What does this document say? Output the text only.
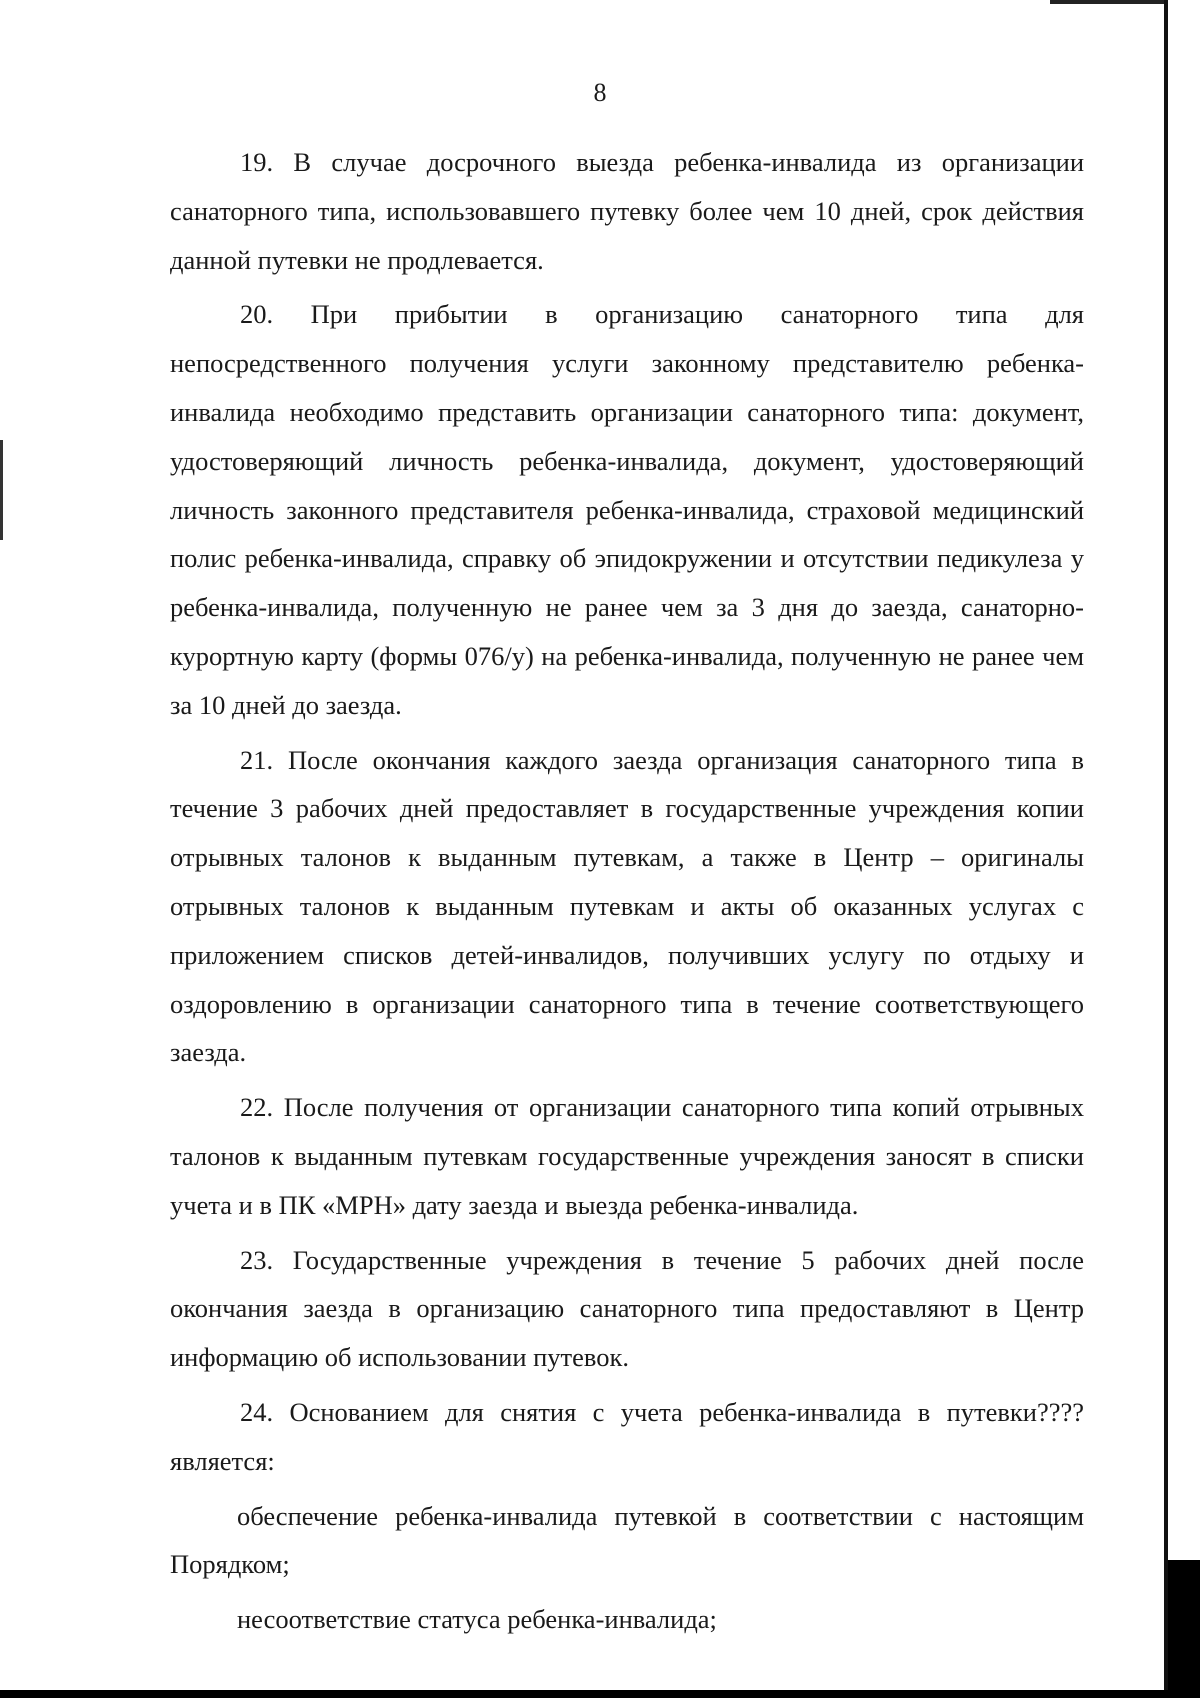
8

19. В случае досрочного выезда ребенка-инвалида из организации санаторного типа, использовавшего путевку более чем 10 дней, срок действия данной путевки не продлевается.

20. При прибытии в организацию санаторного типа для непосредственного получения услуги законному представителю ребенка-инвалида необходимо представить организации санаторного типа: документ, удостоверяющий личность ребенка-инвалида, документ, удостоверяющий личность законного представителя ребенка-инвалида, страховой медицинский полис ребенка-инвалида, справку об эпидокружении и отсутствии педикулеза у ребенка-инвалида, полученную не ранее чем за 3 дня до заезда, санаторно-курортную карту (формы 076/у) на ребенка-инвалида, полученную не ранее чем за 10 дней до заезда.

21. После окончания каждого заезда организация санаторного типа в течение 3 рабочих дней предоставляет в государственные учреждения копии отрывных талонов к выданным путевкам, а также в Центр – оригиналы отрывных талонов к выданным путевкам и акты об оказанных услугах с приложением списков детей-инвалидов, получивших услугу по отдыху и оздоровлению в организации санаторного типа в течение соответствующего заезда.

22. После получения от организации санаторного типа копий отрывных талонов к выданным путевкам государственные учреждения заносят в списки учета и в ПК «МРН» дату заезда и выезда ребенка-инвалида.

23. Государственные учреждения в течение 5 рабочих дней после окончания заезда в организацию санаторного типа предоставляют в Центр информацию об использовании путевок.

24. Основанием для снятия с учета ребенка-инвалида в путевки???? является:

обеспечение ребенка-инвалида путевкой в соответствии с настоящим Порядком;

несоответствие статуса ребенка-инвалида;
